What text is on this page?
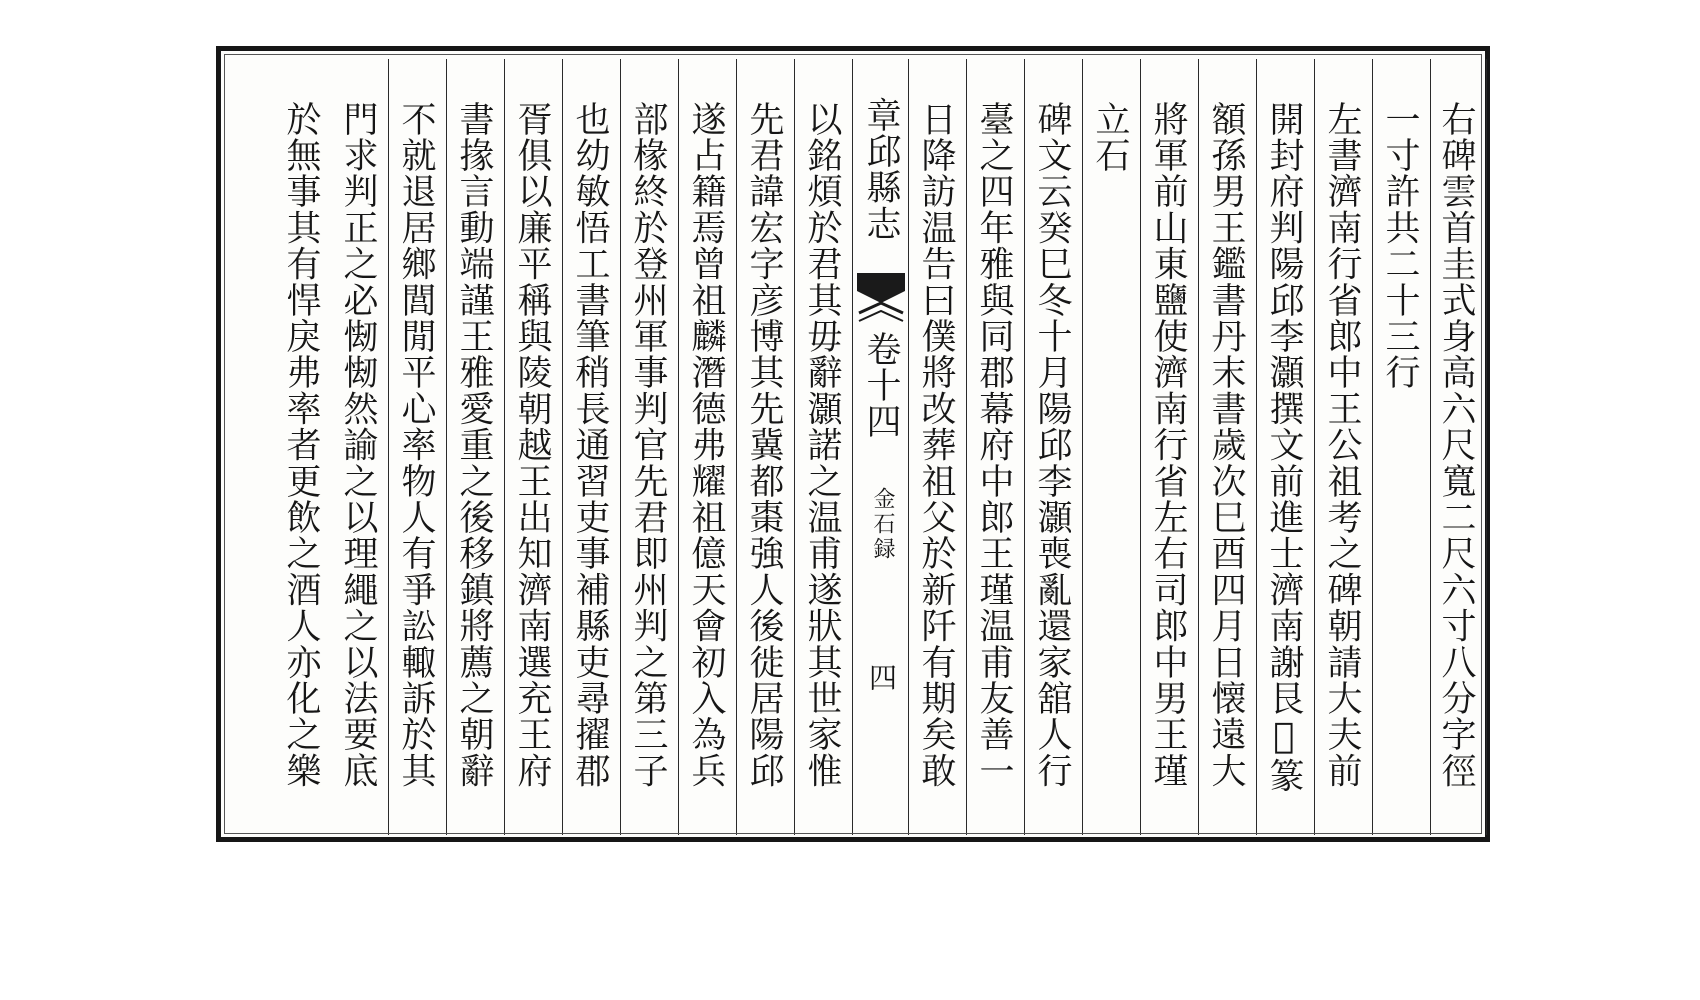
右碑雲首圭式身高六尺寬二尺六寸八分字徑
一寸許共二十三行
左書濟南行省郎中王公祖考之碑朝請大夫前
開封府判陽邱李灝撰文前進士濟南謝艮𩀱篆
額孫男王鑑書丹末書歲次巳酉四月日懐遠大
將軍前山東鹽使濟南行省左右司郎中男王瑾
立石
碑文云癸巳冬十月陽邱李灝喪亂還家舘人行
臺之四年雅與同郡幕府中郎王瑾温甫友善一
日降訪温告曰僕將改葬祖父於新阡有期矣敢
章邱縣志
卷十四
金石録
四
以銘煩於君其毋辭灝諾之温甫遂狀其世家惟
先君諱宏字彦博其先冀都棗強人後徙居陽邱
遂占籍焉曾祖麟潛德弗耀祖億天會初入為兵
部椽終於登州軍事判官先君即州判之第三子
也幼敏悟工書筆稍長通習吏事補縣吏尋擢郡
胥俱以廉平稱與陵朝越王出知濟南選充王府
書掾言動端謹王雅愛重之後移鎮將薦之朝辭
不就退居鄉閭閒平心率物人有爭訟輙訴於其
門求判正之必㥘㥘然諭之以理繩之以法要底
於無事其有悍戾弗率者更飲之酒人亦化之樂
